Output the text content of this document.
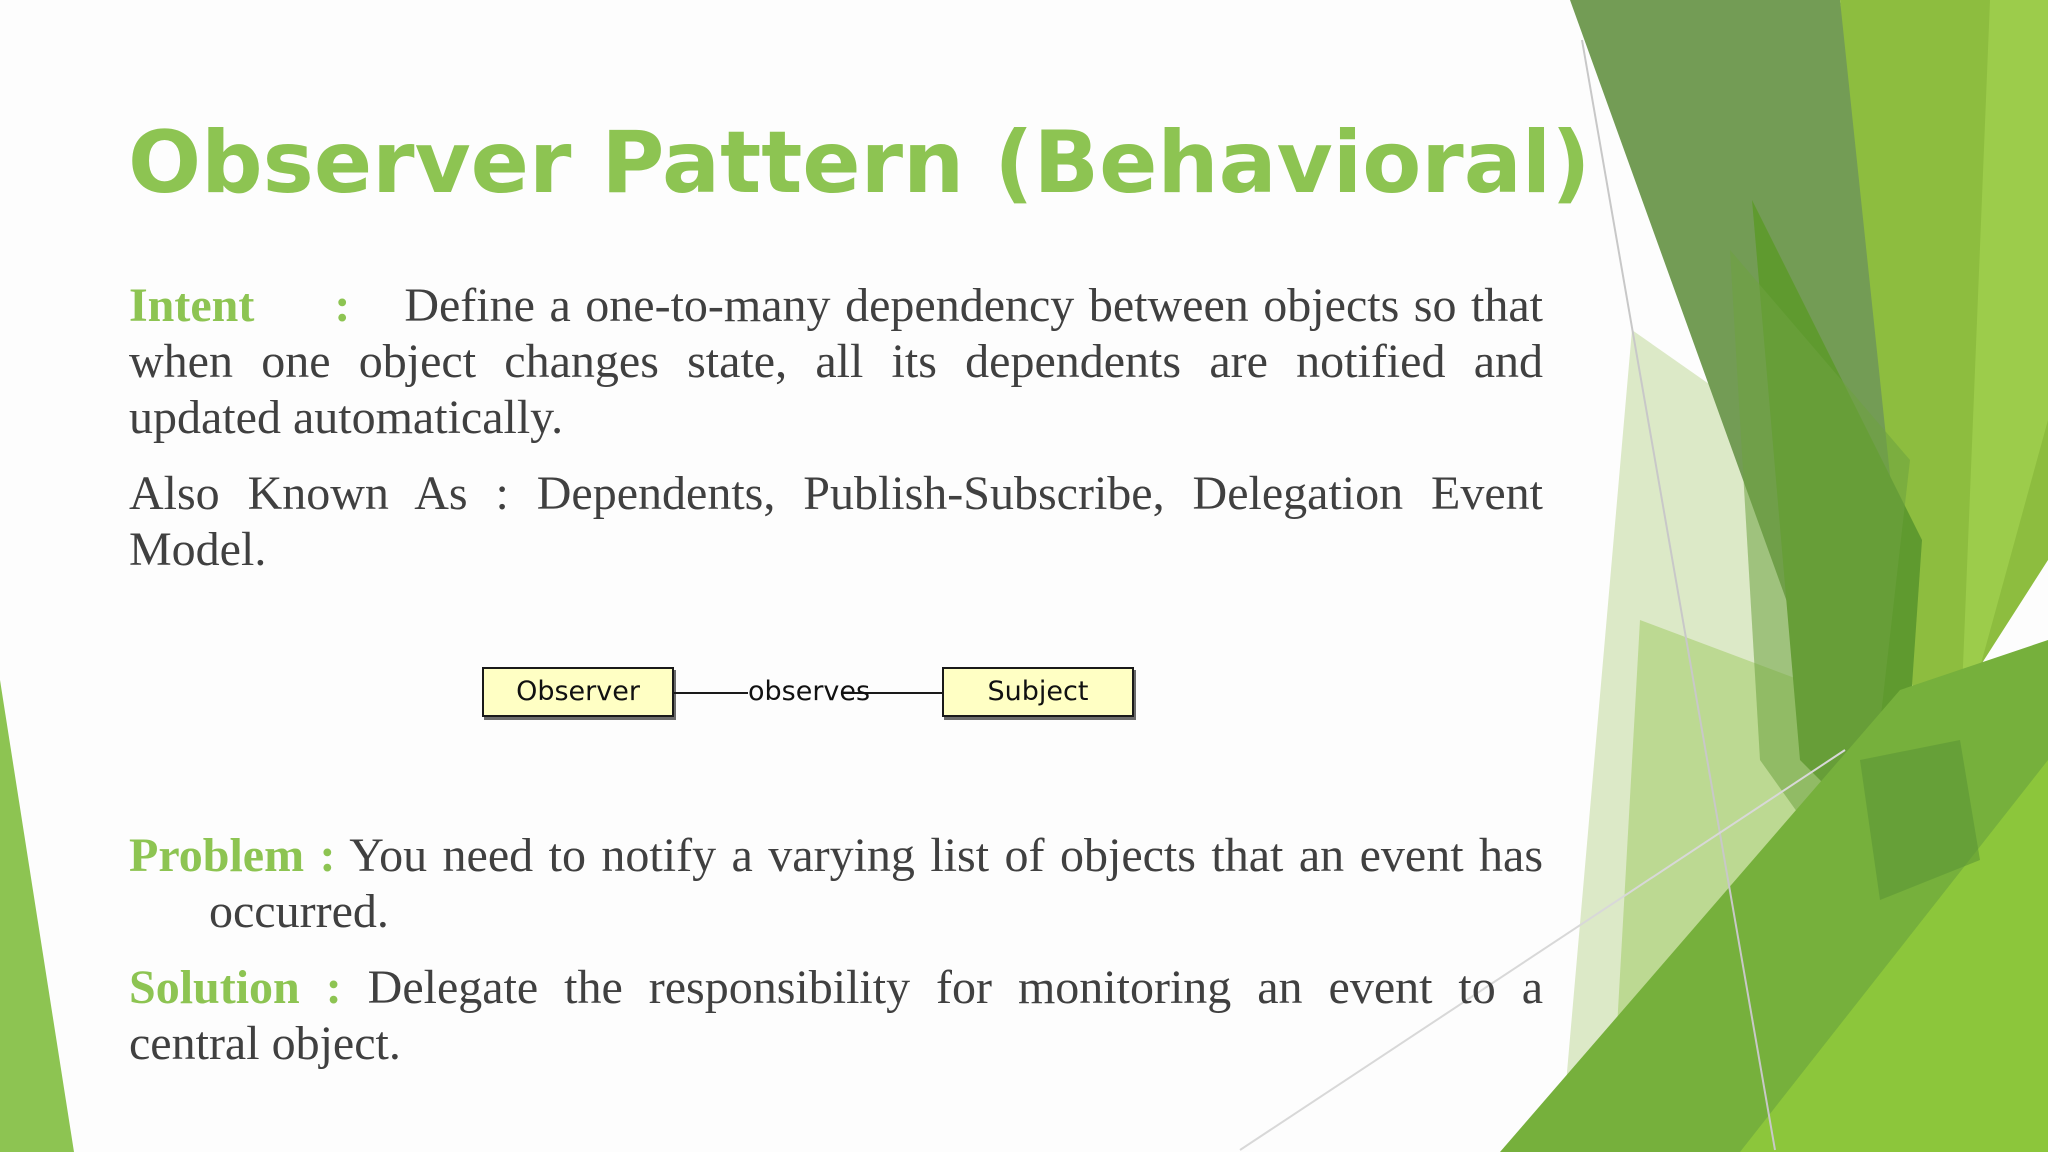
Observer Pattern (Behavioral)
Intent : Define a one-to-many dependency between objects so that when one object changes state, all its dependents are notified and updated automatically.
Also Known As : Dependents, Publish-Subscribe, Delegation Event Model.
Observer	observes	Subject
Problem : You need to notify a varying list of objects that an event hasoccurred.
Solution : Delegate the responsibility for monitoring an event to a central object.
